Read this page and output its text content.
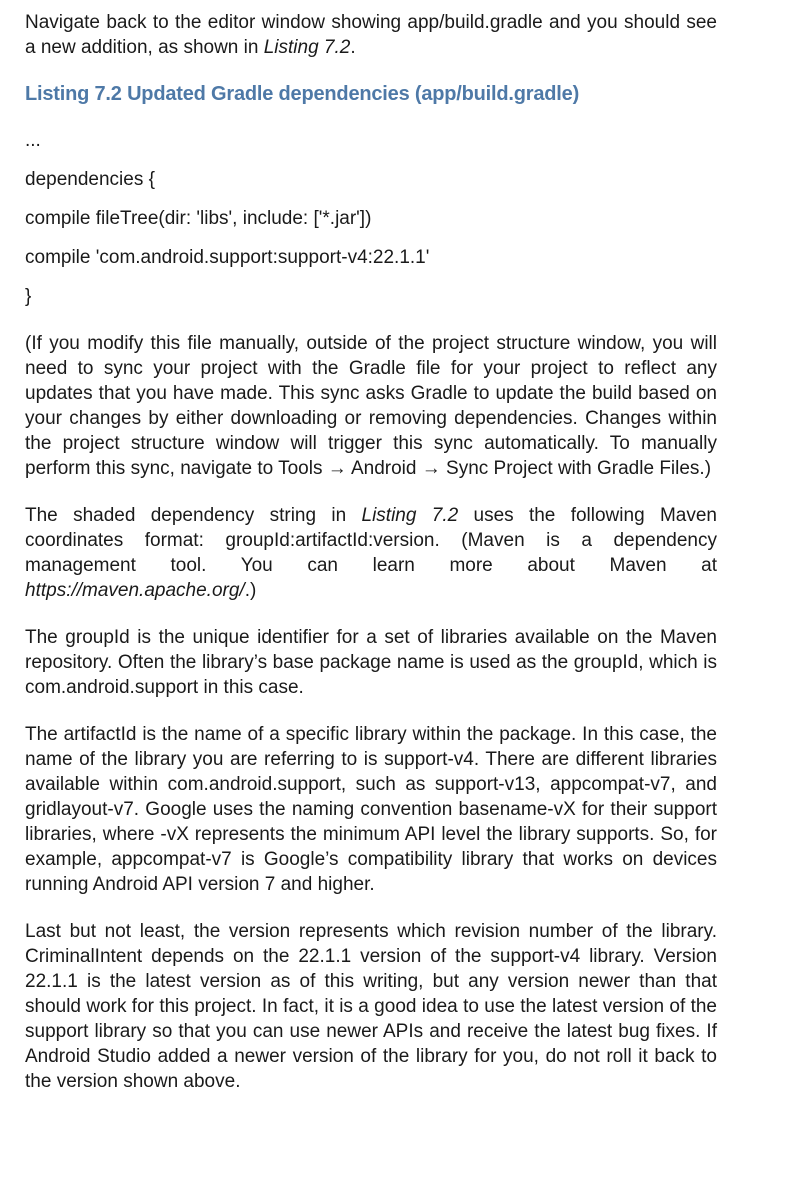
Navigate back to the editor window showing app/build.gradle and you should see a new addition, as shown in Listing 7.2.

Listing 7.2 Updated Gradle dependencies (app/build.gradle)
...
dependencies {
compile fileTree(dir: 'libs', include: ['*.jar'])
compile 'com.android.support:support-v4:22.1.1'
}

(If you modify this file manually, outside of the project structure window, you will need to sync your project with the Gradle file for your project to reflect any updates that you have made. This sync asks Gradle to update the build based on your changes by either downloading or removing dependencies. Changes within the project structure window will trigger this sync automatically. To manually perform this sync, navigate to Tools → Android → Sync Project with Gradle Files.)

The shaded dependency string in Listing 7.2 uses the following Maven coordinates format: groupId:artifactId:version. (Maven is a dependency management tool. You can learn more about Maven at https://maven.apache.org/.)

The groupId is the unique identifier for a set of libraries available on the Maven repository. Often the library’s base package name is used as the groupId, which is com.android.support in this case.

The artifactId is the name of a specific library within the package. In this case, the name of the library you are referring to is support-v4. There are different libraries available within com.android.support, such as support-v13, appcompat-v7, and gridlayout-v7. Google uses the naming convention basename-vX for their support libraries, where -vX represents the minimum API level the library supports. So, for example, appcompat-v7 is Google’s compatibility library that works on devices running Android API version 7 and higher.

Last but not least, the version represents which revision number of the library. CriminalIntent depends on the 22.1.1 version of the support-v4 library. Version 22.1.1 is the latest version as of this writing, but any version newer than that should work for this project. In fact, it is a good idea to use the latest version of the support library so that you can use newer APIs and receive the latest bug fixes. If Android Studio added a newer version of the library for you, do not roll it back to the version shown above.
